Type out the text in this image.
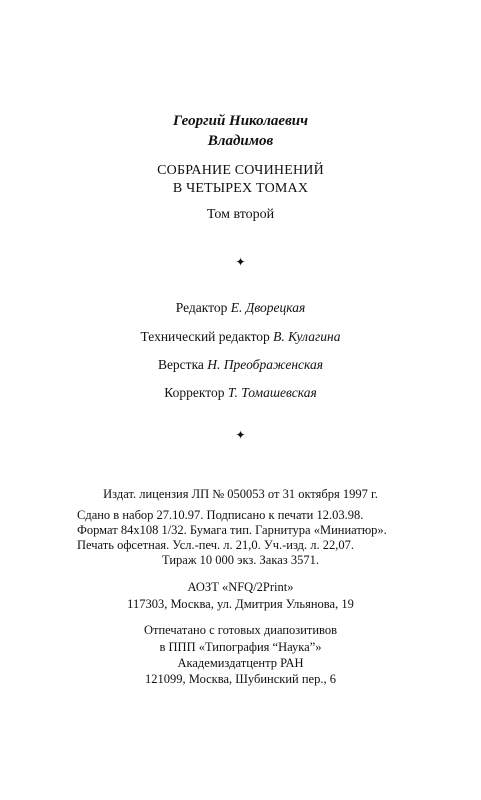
Георгий Николаевич
Владимов
СОБРАНИЕ СОЧИНЕНИЙ
В ЧЕТЫРЕХ ТОМАХ
Том второй
✦
Редактор Е. Дворецкая
Технический редактор В. Кулагина
Верстка Н. Преображенская
Корректор Т. Томашевская
✦
Издат. лицензия ЛП № 050053 от 31 октября 1997 г.
Сдано в набор 27.10.97. Подписано к печати 12.03.98.
Формат 84x108 1/32. Бумага тип. Гарнитура «Миниатюр».
Печать офсетная. Усл.-печ. л. 21,0. Уч.-изд. л. 22,07.
Тираж 10 000 экз. Заказ 3571.
АОЗТ «NFQ/2Print»
117303, Москва, ул. Дмитрия Ульянова, 19
Отпечатано с готовых диапозитивов
в ППП «Типография “Наука”»
Академиздатцентр РАН
121099, Москва, Шубинский пер., 6
